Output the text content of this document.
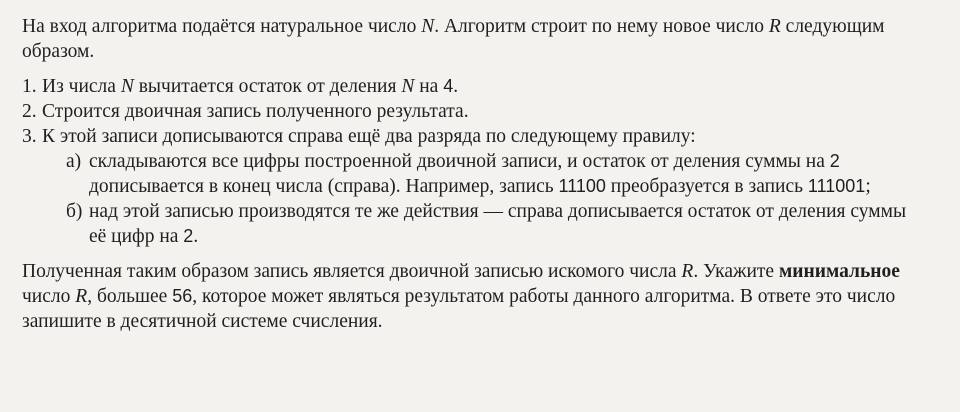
На вход алгоритма подаётся натуральное число N. Алгоритм строит по нему новое число R следующим образом.

1. Из числа N вычитается остаток от деления N на 4.
2. Строится двоичная запись полученного результата.
3. К этой записи дописываются справа ещё два разряда по следующему правилу:
а) складываются все цифры построенной двоичной записи, и остаток от деления суммы на 2 дописывается в конец числа (справа). Например, запись 11100 преобразуется в запись 111001;
б) над этой записью производятся те же действия — справа дописывается остаток от деления суммы её цифр на 2.

Полученная таким образом запись является двоичной записью искомого числа R. Укажите минимальное число R, большее 56, которое может являться результатом работы данного алгоритма. В ответе это число запишите в десятичной системе счисления.
